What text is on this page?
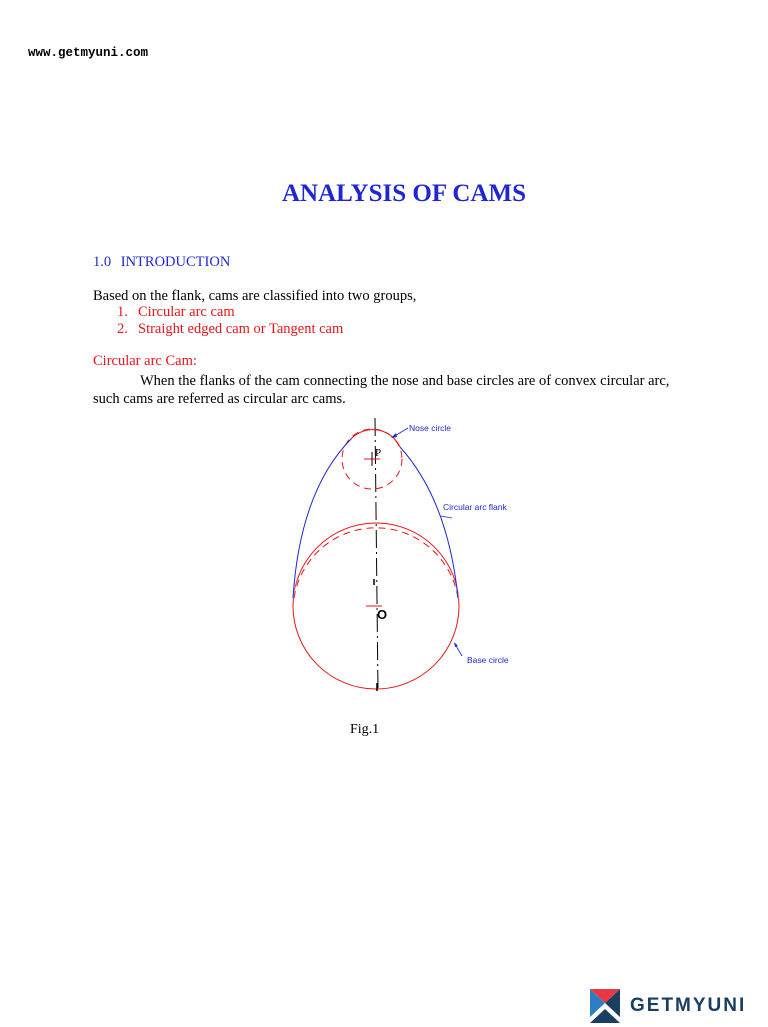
www.getmyuni.com
ANALYSIS OF CAMS
1.0 INTRODUCTION
Based on the flank, cams are classified into two groups,
1. Circular arc cam
2. Straight edged cam or Tangent cam
Circular arc Cam:
When the flanks of the cam connecting the nose and base circles are of convex circular arc,
such cams are referred as circular arc cams.
P
O
Nose circle
Circular arc flank
Base circle
Fig.1
GETMYUNI
